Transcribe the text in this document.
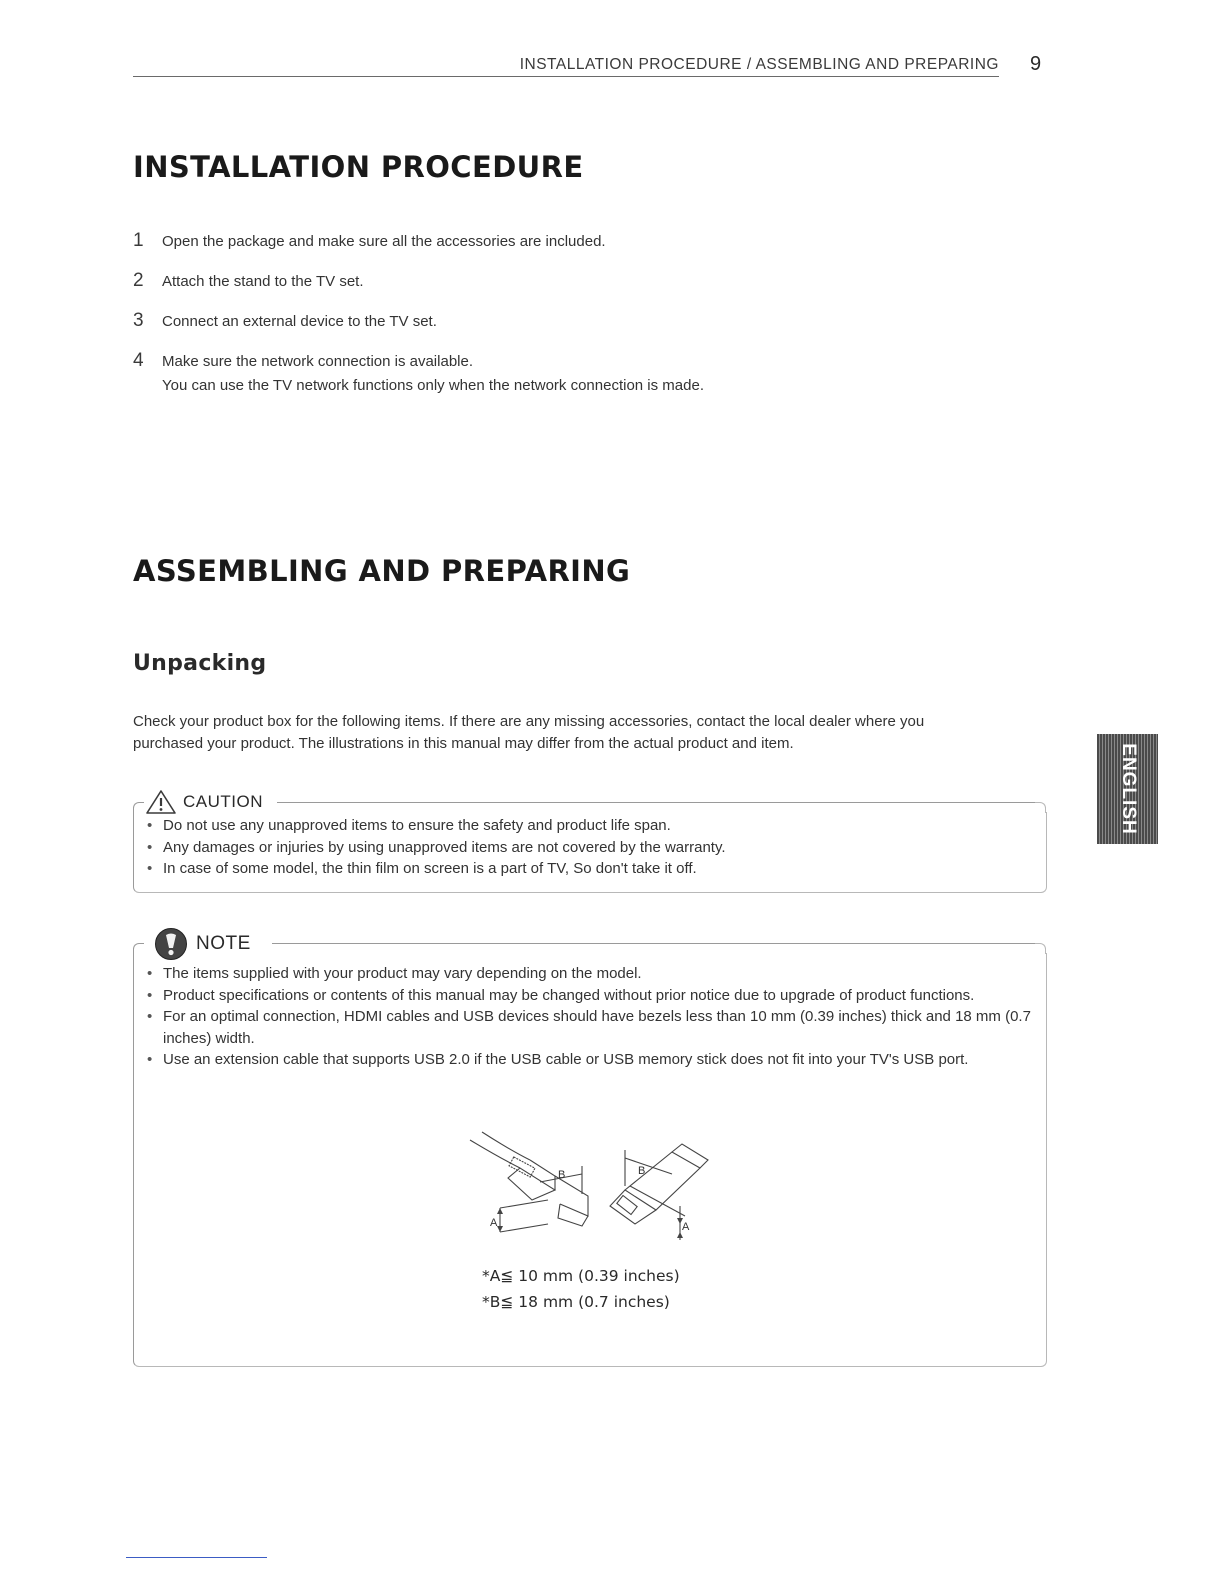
INSTALLATION PROCEDURE / ASSEMBLING AND PREPARING 9
INSTALLATION PROCEDURE
1	Open the package and make sure all the accessories are included.
2	Attach the stand to the TV set.
3	Connect an external device to the TV set.
4	Make sure the network connection is available.
You can use the TV network functions only when the network connection is made.
ASSEMBLING AND PREPARING
Unpacking
Check your product box for the following items. If there are any missing accessories, contact the local dealer where you
purchased your product. The illustrations in this manual may differ from the actual product and item.
CAUTION
• Do not use any unapproved items to ensure the safety and product life span.
• Any damages or injuries by using unapproved items are not covered by the warranty.
• In case of some model, the thin film on screen is a part of TV, So don't take it off.
NOTE
• The items supplied with your product may vary depending on the model.
• Product specifications or contents of this manual may be changed without prior notice due to upgrade of product functions.
• For an optimal connection, HDMI cables and USB devices should have bezels less than 10 mm (0.39 inches) thick and 18 mm (0.7 inches) width.
• Use an extension cable that supports USB 2.0 if the USB cable or USB memory stick does not fit into your TV's USB port.
A
B	B
A
*A≦ 10 mm (0.39 inches)
*B≦ 18 mm (0.7 inches)
ENGLISH
